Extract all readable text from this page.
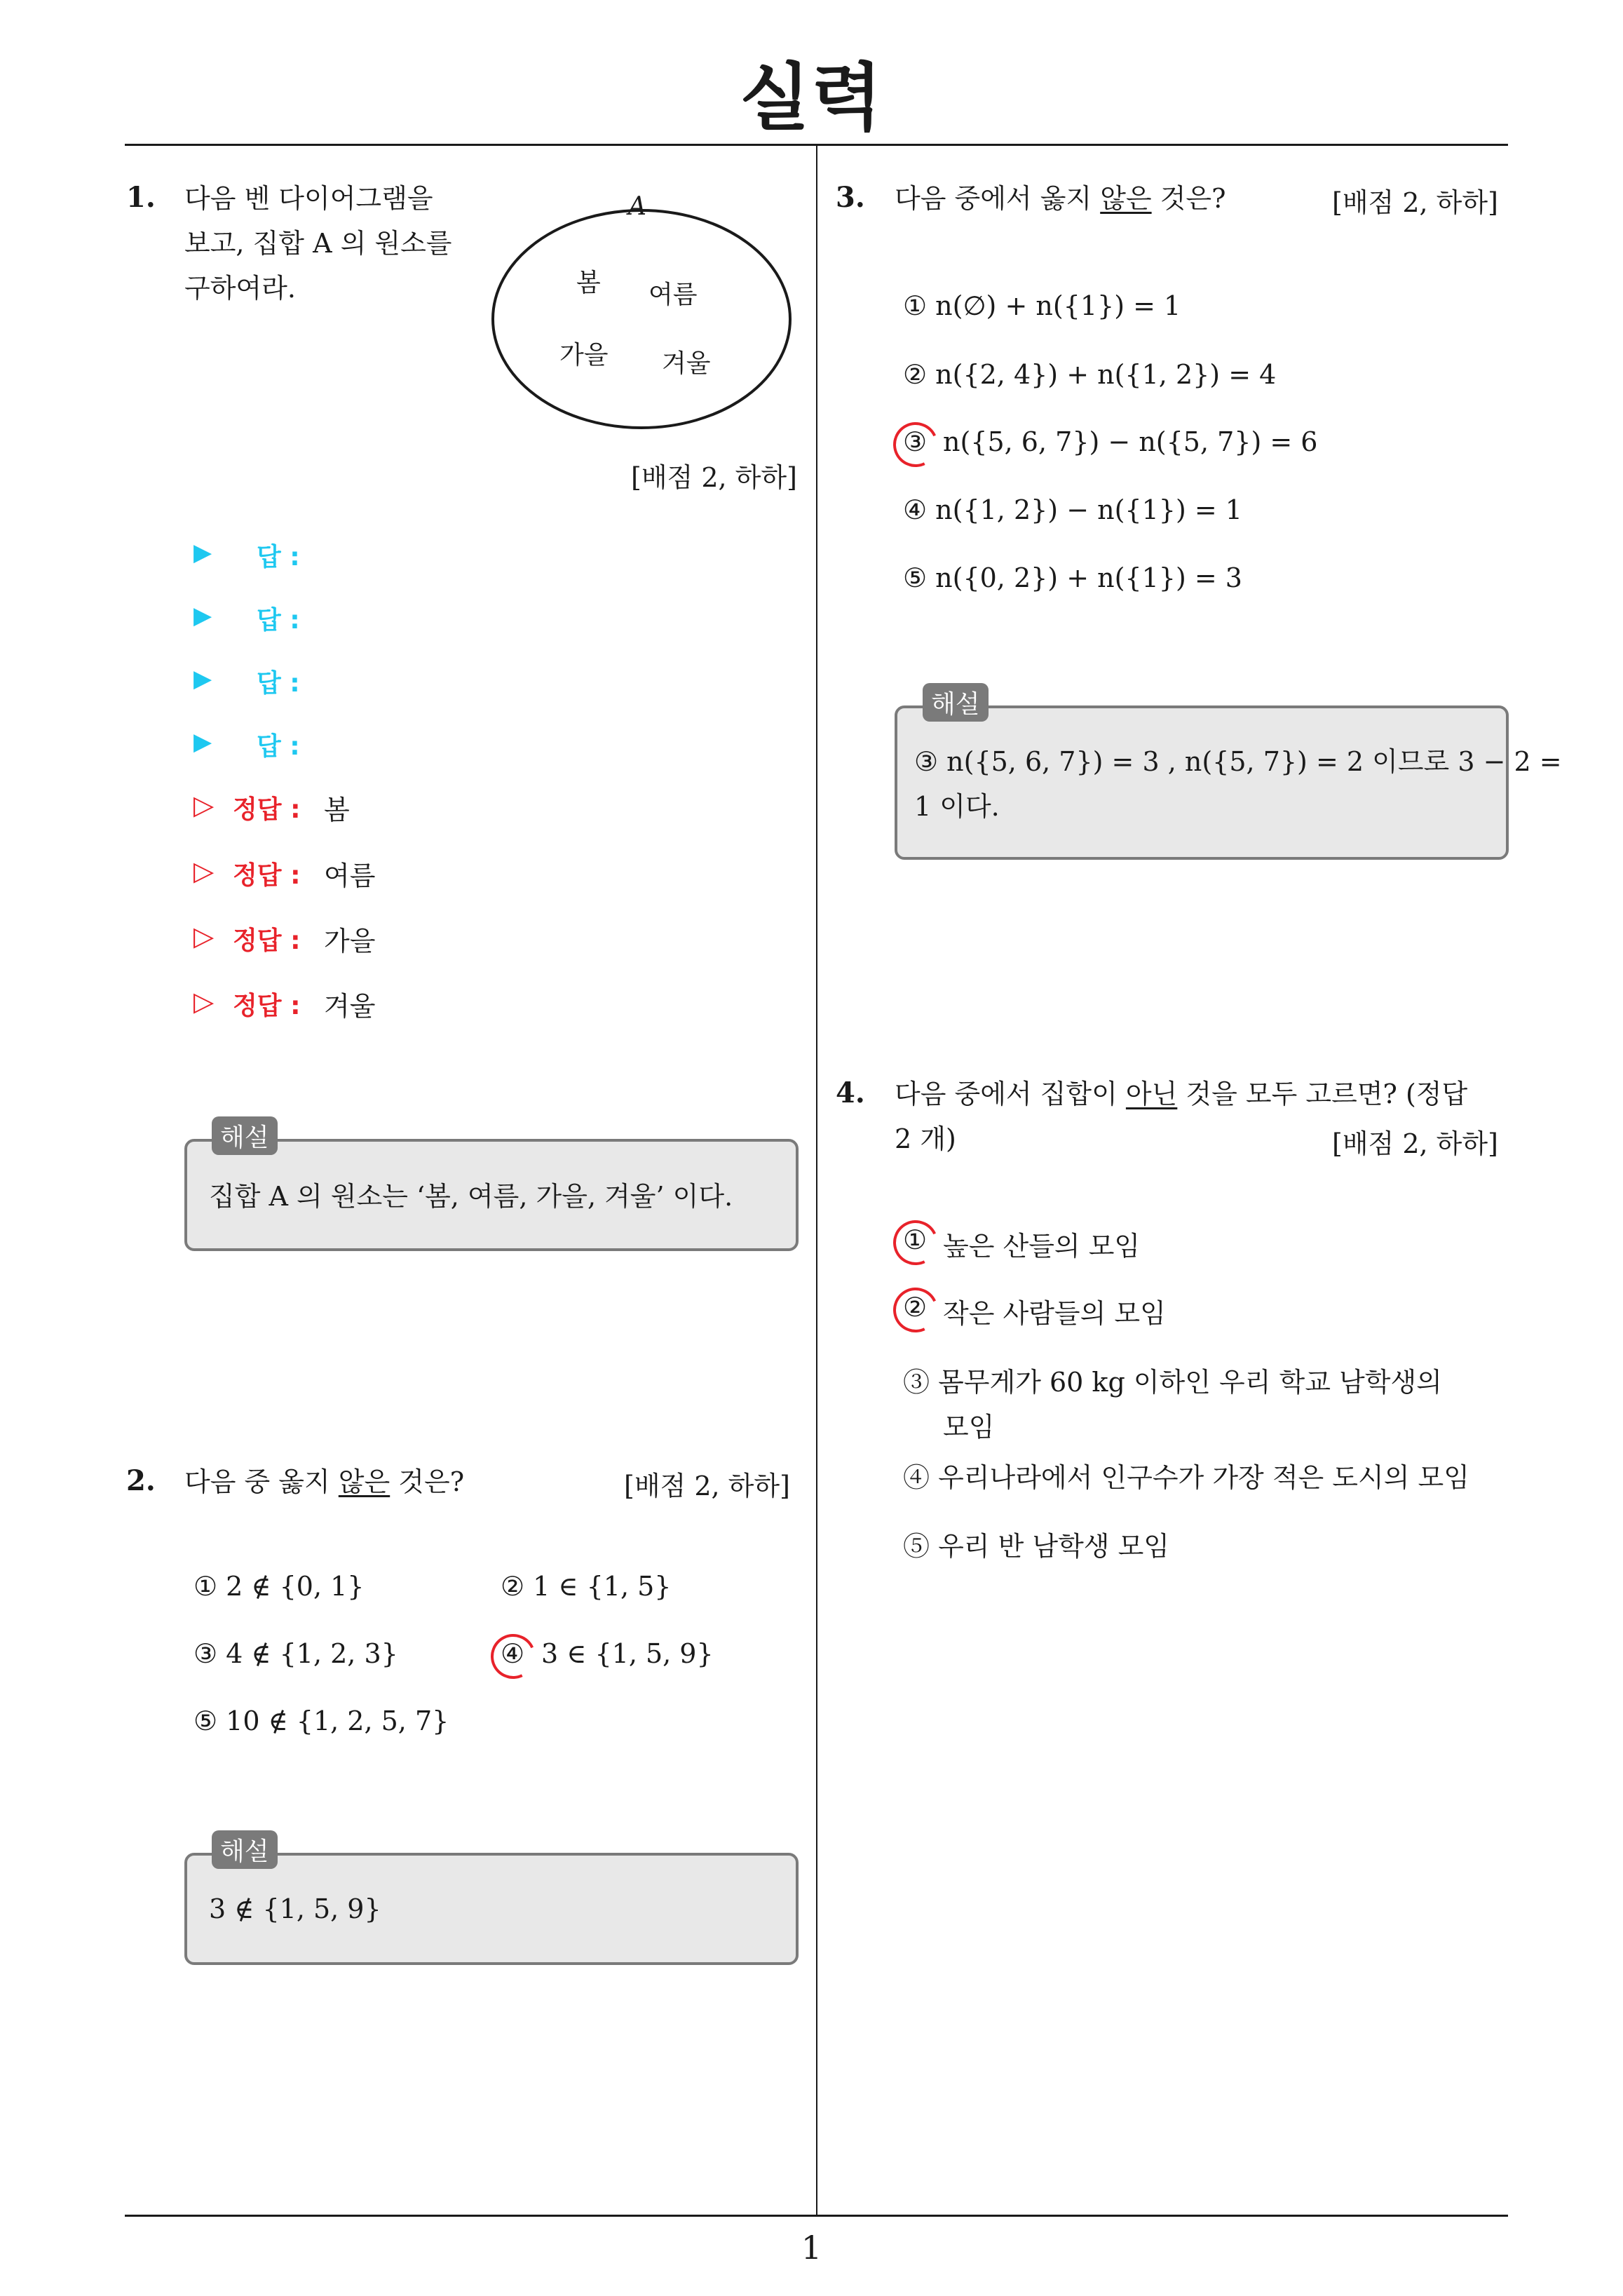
실력
1. 다음 벤 다이어그램을
보고, 집합 A 의 원소를
구하여라.
A
봄 여름
가을 겨울
[배점 2, 하하]
▶ 답 :
▶ 답 :
▶ 답 :
▶ 답 :
▷ 정답 : 봄
▷ 정답 : 여름
▷ 정답 : 가을
▷ 정답 : 겨울
해설
집합 A 의 원소는 ‘봄, 여름, 가을, 겨울’ 이다.
2. 다음 중 옳지 않은 것은?	[배점 2, 하하]
① 2 ∉ {0, 1}	② 1 ∈ {1, 5}
③ 4 ∉ {1, 2, 3}	④ 3 ∈ {1, 5, 9}
⑤ 10 ∉ {1, 2, 5, 7}
해설
3 ∉ {1, 5, 9}
3. 다음 중에서 옳지 않은 것은?	[배점 2, 하하]
① n(∅) + n({1}) = 1
② n({2, 4}) + n({1, 2}) = 4
③ n({5, 6, 7}) − n({5, 7}) = 6
④ n({1, 2}) − n({1}) = 1
⑤ n({0, 2}) + n({1}) = 3
해설
③ n({5, 6, 7}) = 3 , n({5, 7}) = 2 이므로 3 − 2 =
1 이다.
4. 다음 중에서 집합이 아닌 것을 모두 고르면? (정답
2 개)	[배점 2, 하하]
① 높은 산들의 모임
② 작은 사람들의 모임
③ 몸무게가 60 kg 이하인 우리 학교 남학생의
모임
④ 우리나라에서 인구수가 가장 적은 도시의 모임
⑤ 우리 반 남학생 모임
1
